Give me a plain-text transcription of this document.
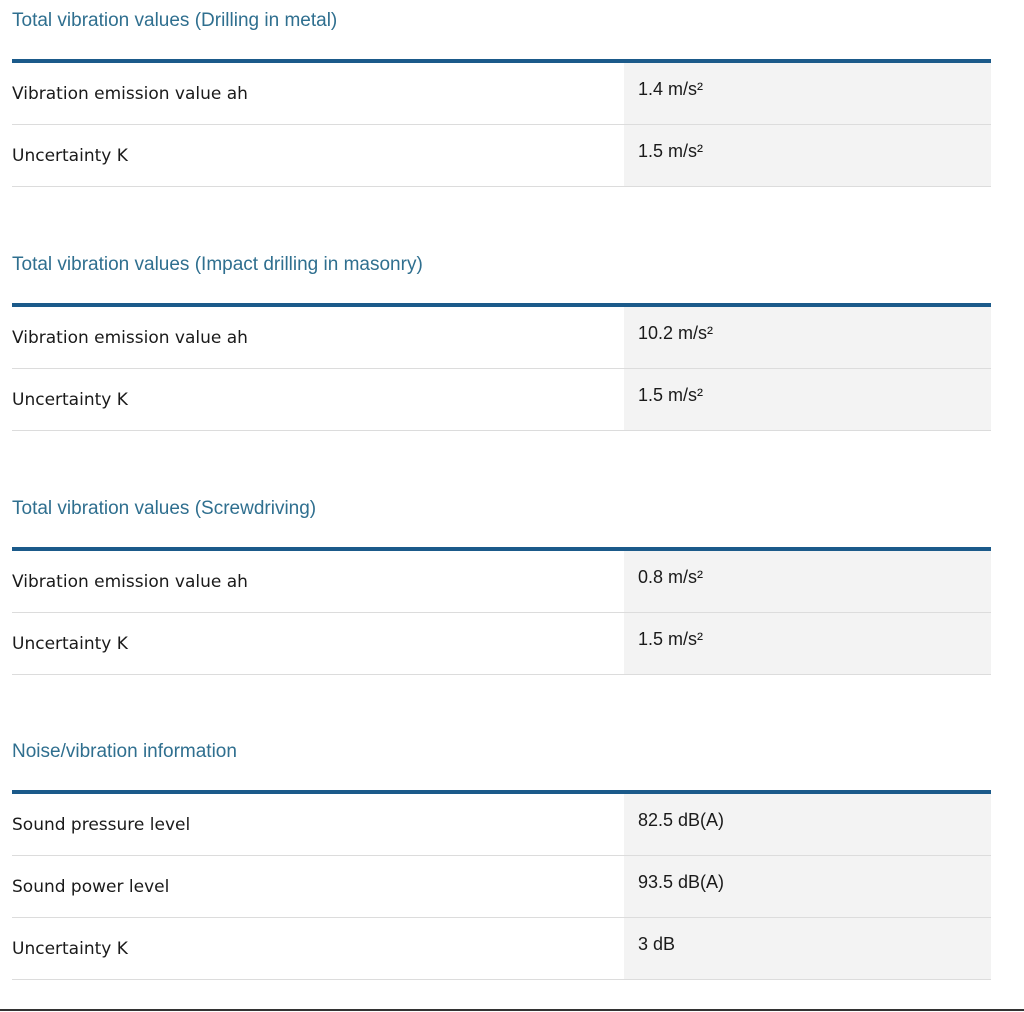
Total vibration values (Drilling in metal)
Vibration emission value ah	1.4 m/s²
Uncertainty K	1.5 m/s²
Total vibration values (Impact drilling in masonry)
Vibration emission value ah	10.2 m/s²
Uncertainty K	1.5 m/s²
Total vibration values (Screwdriving)
Vibration emission value ah	0.8 m/s²
Uncertainty K	1.5 m/s²
Noise/vibration information
Sound pressure level	82.5 dB(A)
Sound power level	93.5 dB(A)
Uncertainty K	3 dB
